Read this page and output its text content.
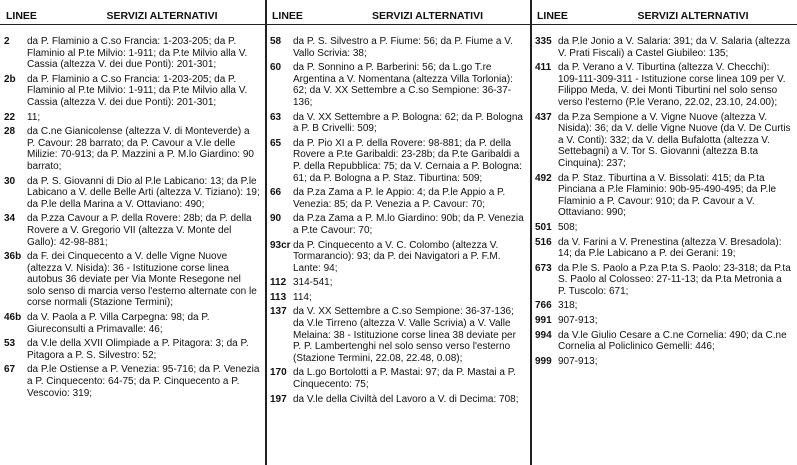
LINEE	SERVIZI ALTERNATIVI
2	da P. Flaminio a C.so Francia: 1-203-205; da P. Flaminio al P.te Milvio: 1-911; da P.te Milvio alla V. Cassia (altezza V. dei due Ponti): 201-301;
2b	da P. Flaminio a C.so Francia: 1-203-205; da P. Flaminio al P.te Milvio: 1-911; da P.te Milvio alla V. Cassia (altezza V. dei due Ponti): 201-301;
22	11;
28	da C.ne Gianicolense (altezza V. di Monteverde) a P. Cavour: 28 barrato; da P. Cavour a V.le delle Milizie: 70-913; da P. Mazzini a P. M.lo Giardino: 90 barrato;
30	da P. S. Giovanni di Dio al P.le Labicano: 13; da P.le Labicano a V. delle Belle Arti (altezza V. Tiziano): 19; da P.le della Marina a V. Ottaviano: 490;
34	da P.zza Cavour a P. della Rovere: 28b; da P. della Rovere a V. Gregorio VII (altezza V. Monte del Gallo): 42-98-881;
36b da F. dei Cinquecento a V. delle Vigne Nuove (altezza V. Nisida): 36 - Istituzione corse linea autobus 36 deviate per Via Monte Resegone nel solo senso di marcia verso l'esterno alternate con le corse normali (Stazione Termini);
46b da V. Paola a P. Villa Carpegna: 98; da P. Giureconsulti a Primavalle: 46;
53	da V.le della XVII Olimpiade a P. Pitagora: 3; da P. Pitagora a P. S. Silvestro: 52;
67	da P.le Ostiense a P. Venezia: 95-716; da P. Venezia a P. Cinquecento: 64-75; da P. Cinquecento a P. Vescovio: 319;
LINEE	SERVIZI ALTERNATIVI
58	da P. S. Silvestro a P. Fiume: 56; da P. Fiume a V. Vallo Scrivia: 38;
60	da P. Sonnino a P. Barberini: 56; da L.go T.re Argentina a V. Nomentana (altezza Villa Torlonia): 62; da V. XX Settembre a C.so Sempione: 36-37-136;
63	da V. XX Settembre a P. Bologna: 62; da P. Bologna a P. B Crivelli: 509;
65	da P. Pio XI a P. della Rovere: 98-881; da P. della Rovere a P.te Garibaldi: 23-28b; da P.te Garibaldi a P. della Repubblica: 75; da V. Cernaia a P. Bologna: 61; da P. Bologna a P. Staz. Tiburtina: 509;
66	da P.za Zama a P. le Appio: 4; da P.le Appio a P. Venezia: 85; da P. Venezia a P. Cavour: 70;
90	da P.za Zama a P. M.lo Giardino: 90b; da P. Venezia a P.te Cavour: 70;
93cr da P. Cinquecento a V. C. Colombo (altezza V. Tormarancio): 93; da P. dei Navigatori a P. F.M. Lante: 94;
112 314-541;
113 114;
137 da V. XX Settembre a C.so Sempione: 36-37-136; da V.le Tirreno (altezza V. Valle Scrivia) a V. Valle Melaina: 38 - Istituzione corse linea 38 deviate per P. P. Lambertenghi nel solo senso verso l'esterno (Stazione Termini, 22.08, 22.48, 0.08);
170 da L.go Bortolotti a P. Mastai: 97; da P. Mastai a P. Cinquecento: 75;
197 da V.le della Civiltà del Lavoro a V. di Decima: 708;
LINEE	SERVIZI ALTERNATIVI
335 da P.le Jonio a V. Salaria: 391; da V. Salaria (altezza V. Prati Fiscali) a Castel Giubileo: 135;
411 da P. Verano a V. Tiburtina (altezza V. Checchi): 109-111-309-311 - Istituzione corse linea 109 per V. Filippo Meda, V. dei Monti Tiburtini nel solo senso verso l'esterno (P.le Verano, 22.02, 23.10, 24.00);
437 da P.za Sempione a V. Vigne Nuove (altezza V. Nisida): 36; da V. delle Vigne Nuove (da V. De Curtis a V. Conti): 332; da V. della Bufalotta (altezza V. Settebagni) a V. Tor S. Giovanni (altezza B.ta Cinquina): 237;
492 da P. Staz. Tiburtina a V. Bissolati: 415; da P.ta Pinciana a P.le Flaminio: 90b-95-490-495; da P.le Flaminio a P. Cavour: 910; da P. Cavour a V. Ottaviano: 990;
501 508;
516 da V. Farini a V. Prenestina (altezza V. Bresadola): 14; da P.le Labicano a P. dei Gerani: 19;
673 da P.le S. Paolo a P.za P.ta S. Paolo: 23-318; da P.ta S. Paolo al Colosseo: 27-11-13; da P.ta Metronia a P. Tuscolo: 671;
766 318;
991 907-913;
994 da V.le Giulio Cesare a C.ne Cornelia: 490; da C.ne Cornelia al Policlinico Gemelli: 446;
999 907-913;
